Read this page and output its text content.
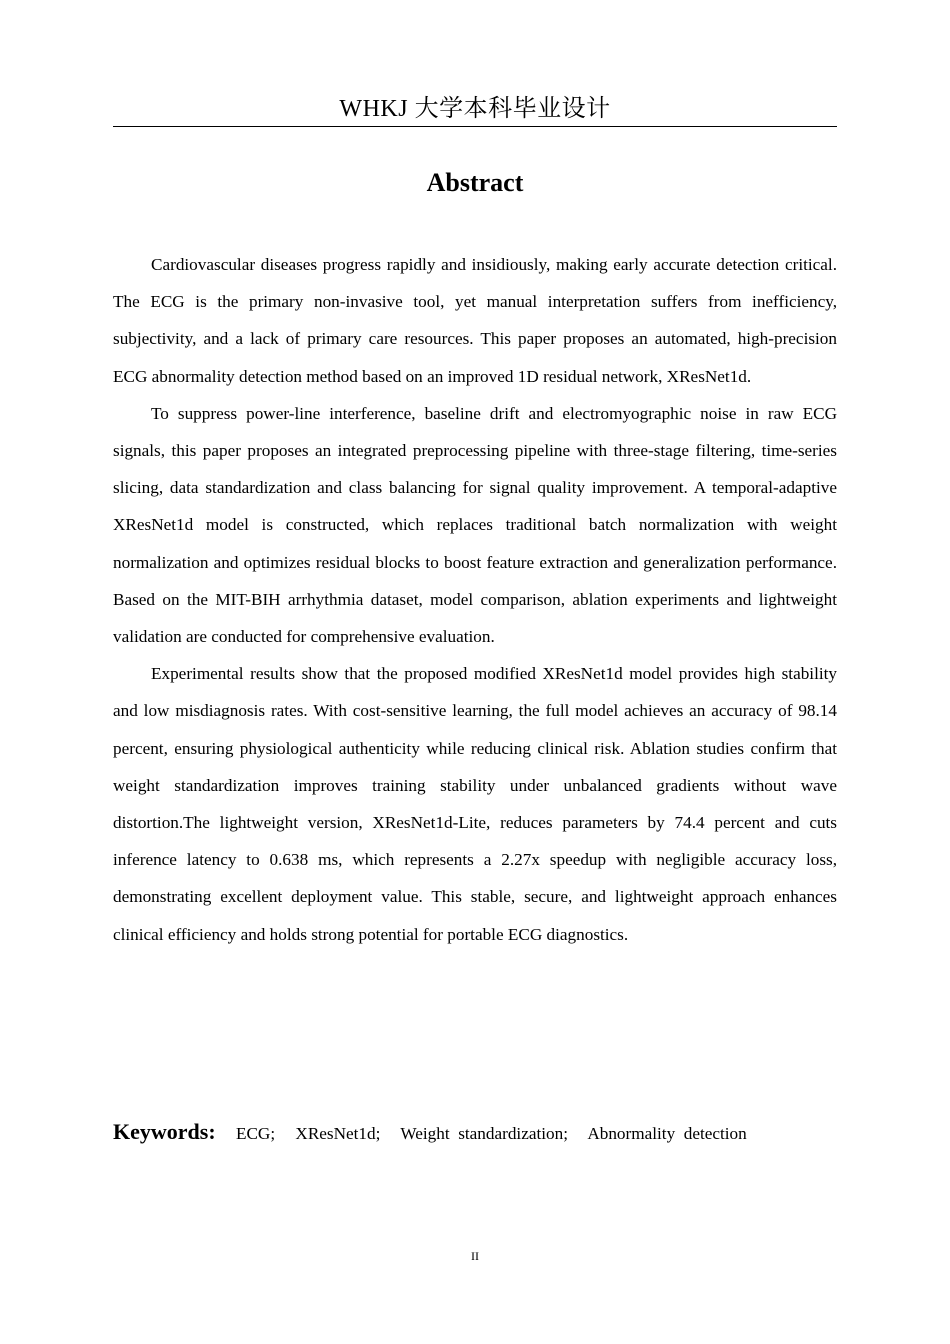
WHKJ 大学本科毕业设计
Abstract

Cardiovascular diseases progress rapidly and insidiously, making early accurate detection critical. The ECG is the primary non-invasive tool, yet manual interpretation suffers from inefficiency, subjectivity, and a lack of primary care resources. This paper proposes an automated, high-precision ECG abnormality detection method based on an improved 1D residual network, XResNet1d.

To suppress power-line interference, baseline drift and electromyographic noise in raw ECG signals, this paper proposes an integrated preprocessing pipeline with three-stage filtering, time-series slicing, data standardization and class balancing for signal quality improvement. A temporal-adaptive XResNet1d model is constructed, which replaces traditional batch normalization with weight normalization and optimizes residual blocks to boost feature extraction and generalization performance. Based on the MIT-BIH arrhythmia dataset, model comparison, ablation experiments and lightweight validation are conducted for comprehensive evaluation.

Experimental results show that the proposed modified XResNet1d model provides high stability and low misdiagnosis rates. With cost-sensitive learning, the full model achieves an accuracy of 98.14 percent, ensuring physiological authenticity while reducing clinical risk. Ablation studies confirm that weight standardization improves training stability under unbalanced gradients without wave distortion.The lightweight version, XResNet1d-Lite, reduces parameters by 74.4 percent and cuts inference latency to 0.638 ms, which represents a 2.27x speedup with negligible accuracy loss, demonstrating excellent deployment value. This stable, secure, and lightweight approach enhances clinical efficiency and holds strong potential for portable ECG diagnostics.

Keywords: ECG; XResNet1d; Weight  standardization; Abnormality  detection
II
